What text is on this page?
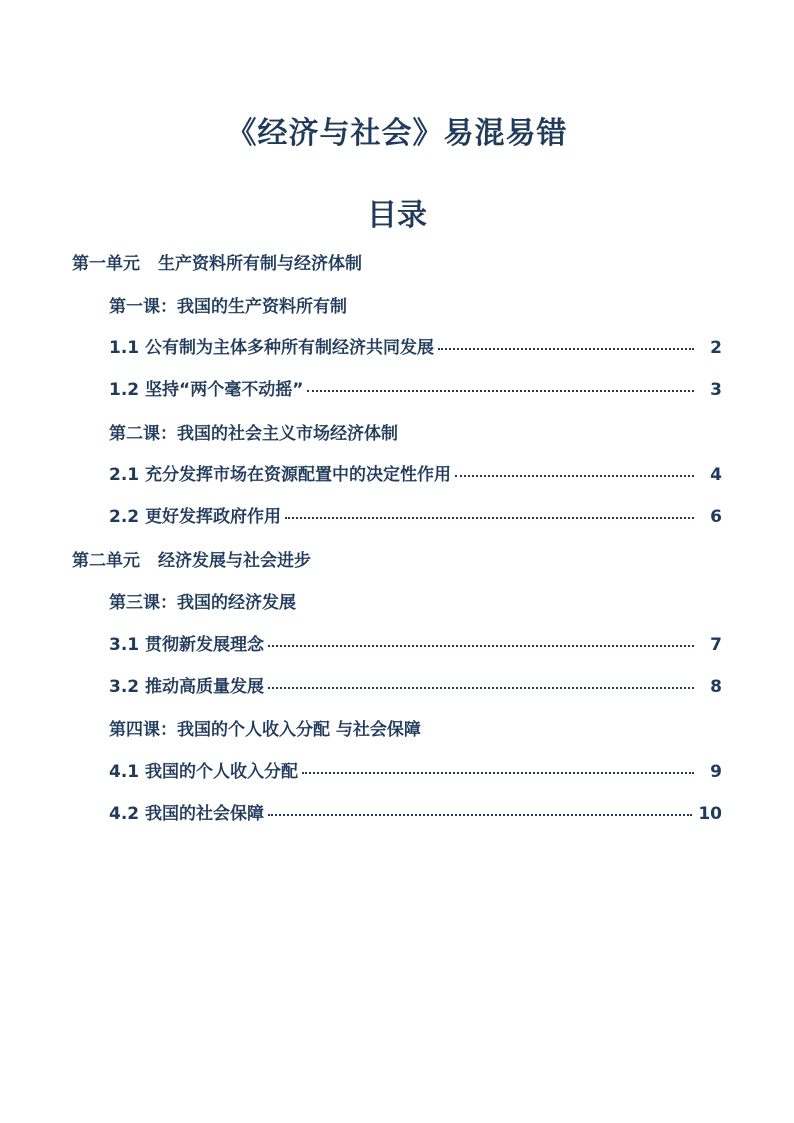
《经济与社会》易混易错
目录
第一单元 生产资料所有制与经济体制
第一课：我国的生产资料所有制
1.1 公有制为主体多种所有制经济共同发展	2
1.2 坚持“两个毫不动摇”	3
第二课：我国的社会主义市场经济体制
2.1 充分发挥市场在资源配置中的决定性作用	4
2.2 更好发挥政府作用	6
第二单元 经济发展与社会进步
第三课：我国的经济发展
3.1 贯彻新发展理念	7
3.2 推动高质量发展	8
第四课：我国的个人收入分配 与社会保障
4.1 我国的个人收入分配	9
4.2 我国的社会保障	10
